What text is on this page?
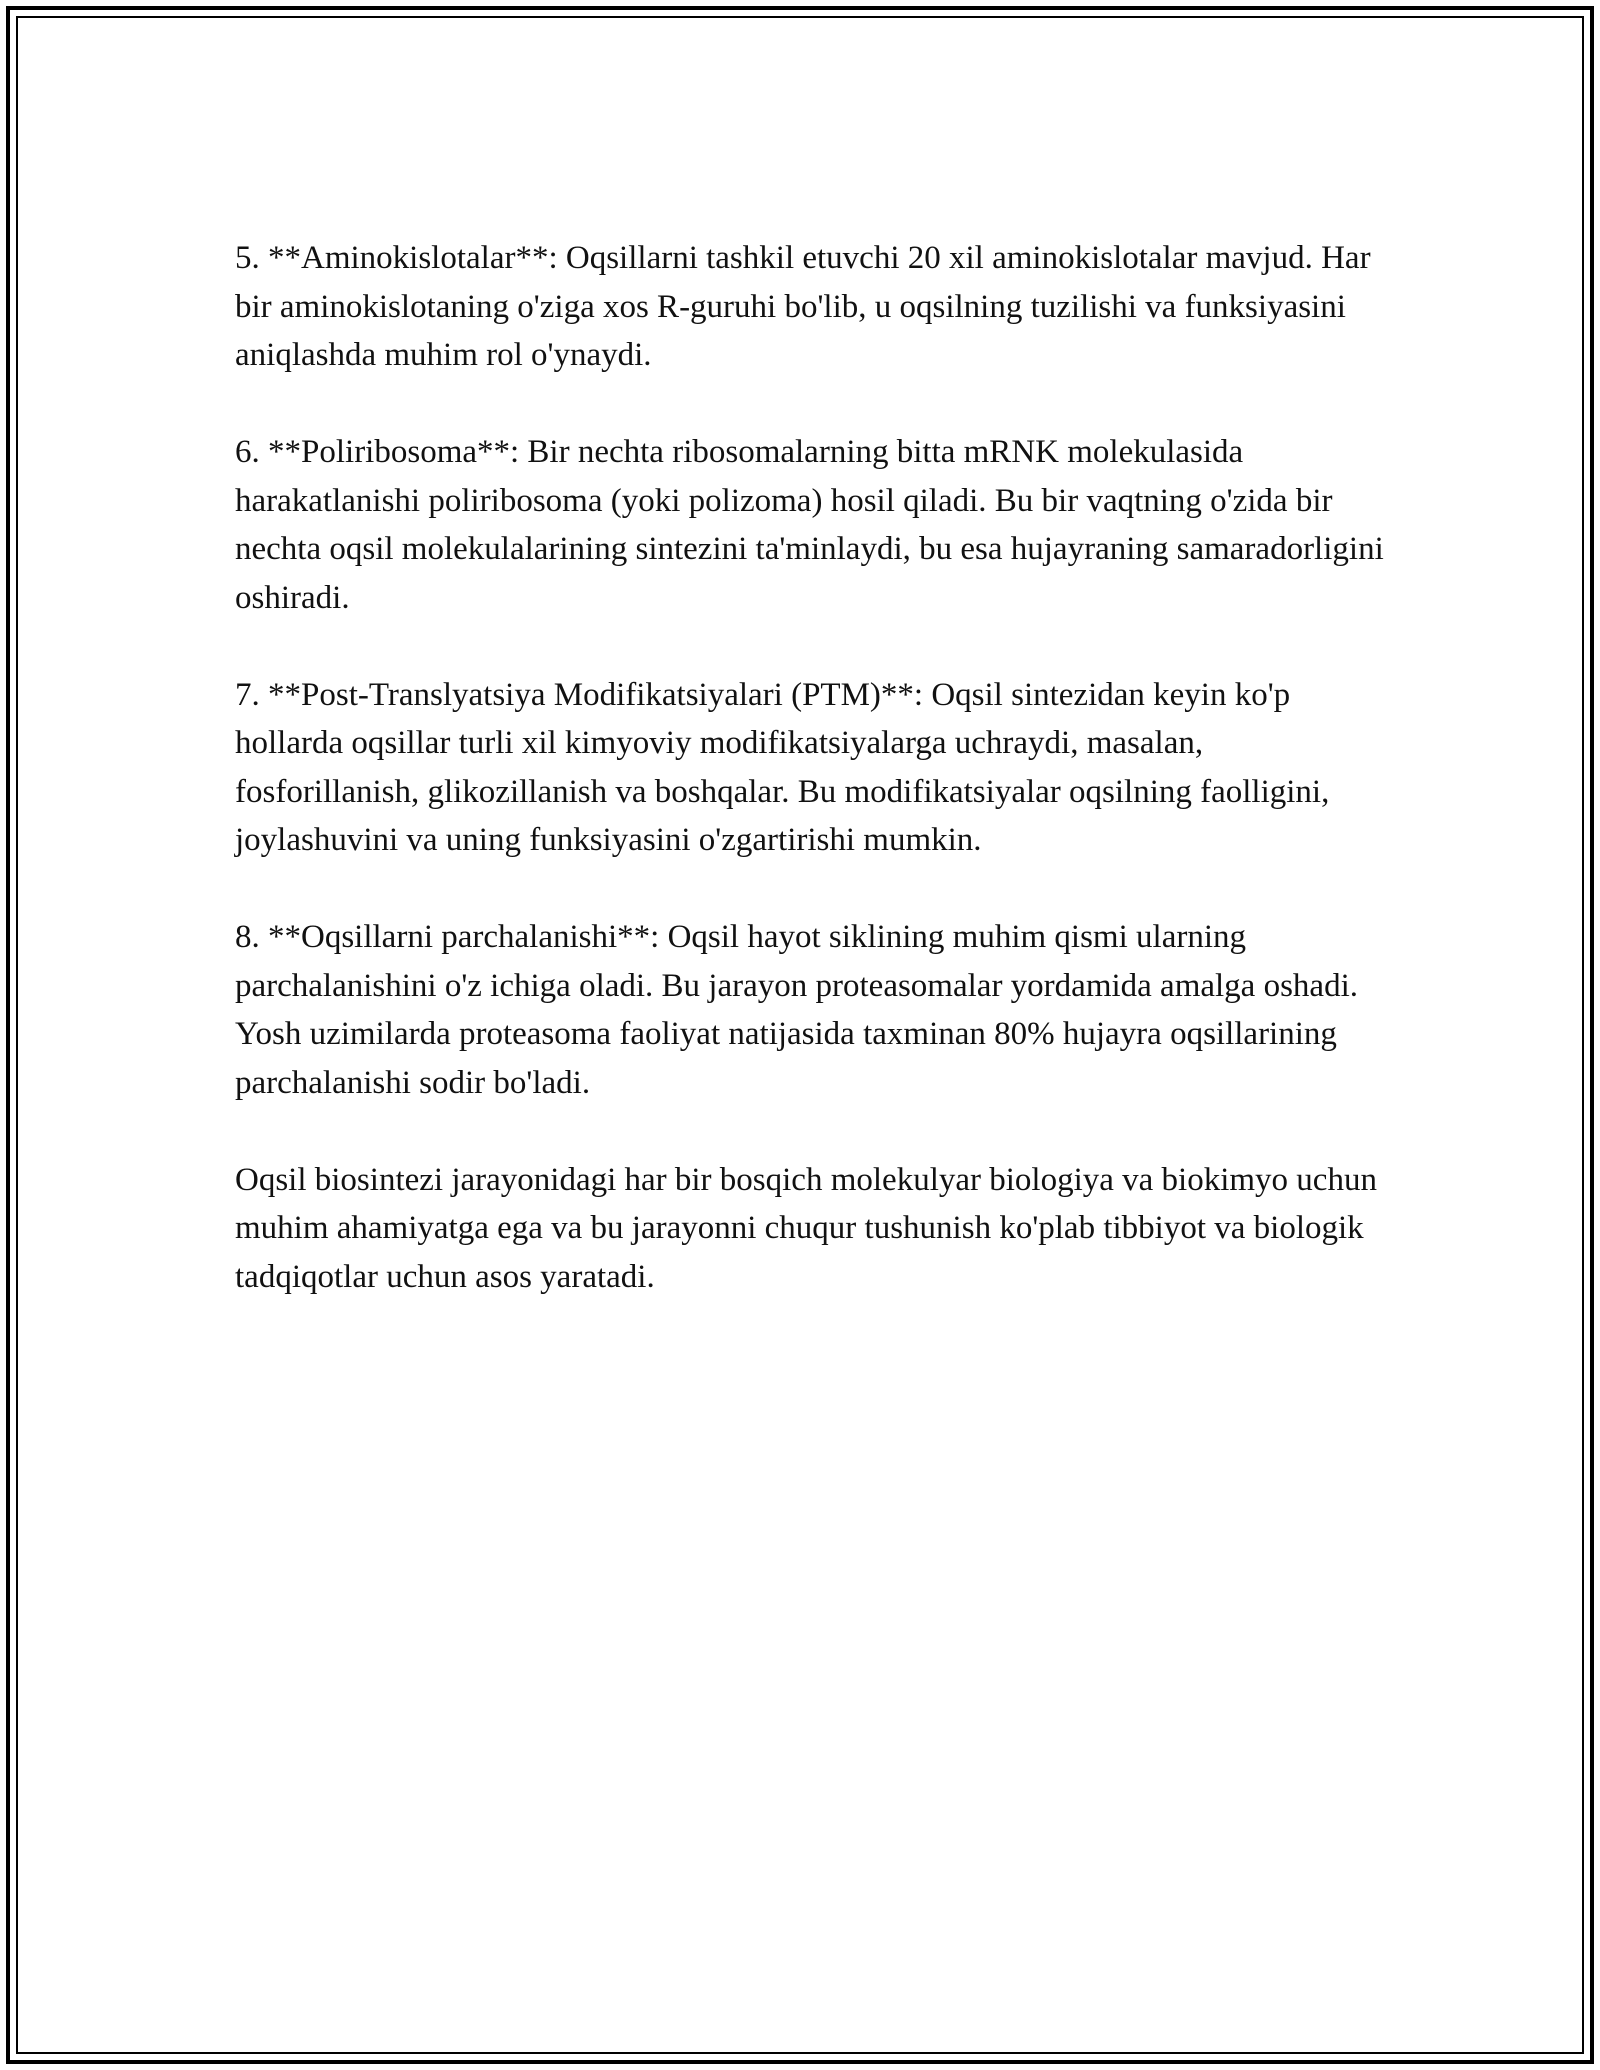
5. **Aminokislotalar**: Oqsillarni tashkil etuvchi 20 xil aminokislotalar mavjud. Har bir aminokislotaning o'ziga xos R-guruhi bo'lib, u oqsilning tuzilishi va funksiyasini aniqlashda muhim rol o'ynaydi.

6. **Poliribosoma**: Bir nechta ribosomalarning bitta mRNK molekulasida harakatlanishi poliribosoma (yoki polizoma) hosil qiladi. Bu bir vaqtning o'zida bir nechta oqsil molekulalarining sintezini ta'minlaydi, bu esa hujayraning samaradorligini oshiradi.

7. **Post-Translyatsiya Modifikatsiyalari (PTM)**: Oqsil sintezidan keyin ko'p hollarda oqsillar turli xil kimyoviy modifikatsiyalarga uchraydi, masalan, fosforillanish, glikozillanish va boshqalar. Bu modifikatsiyalar oqsilning faolligini, joylashuvini va uning funksiyasini o'zgartirishi mumkin.

8. **Oqsillarni parchalanishi**: Oqsil hayot siklining muhim qismi ularning parchalanishini o'z ichiga oladi. Bu jarayon proteasomalar yordamida amalga oshadi. Yosh uzimilarda proteasoma faoliyat natijasida taxminan 80% hujayra oqsillarining parchalanishi sodir bo'ladi.

Oqsil biosintezi jarayonidagi har bir bosqich molekulyar biologiya va biokimyo uchun muhim ahamiyatga ega va bu jarayonni chuqur tushunish ko'plab tibbiyot va biologik tadqiqotlar uchun asos yaratadi.
